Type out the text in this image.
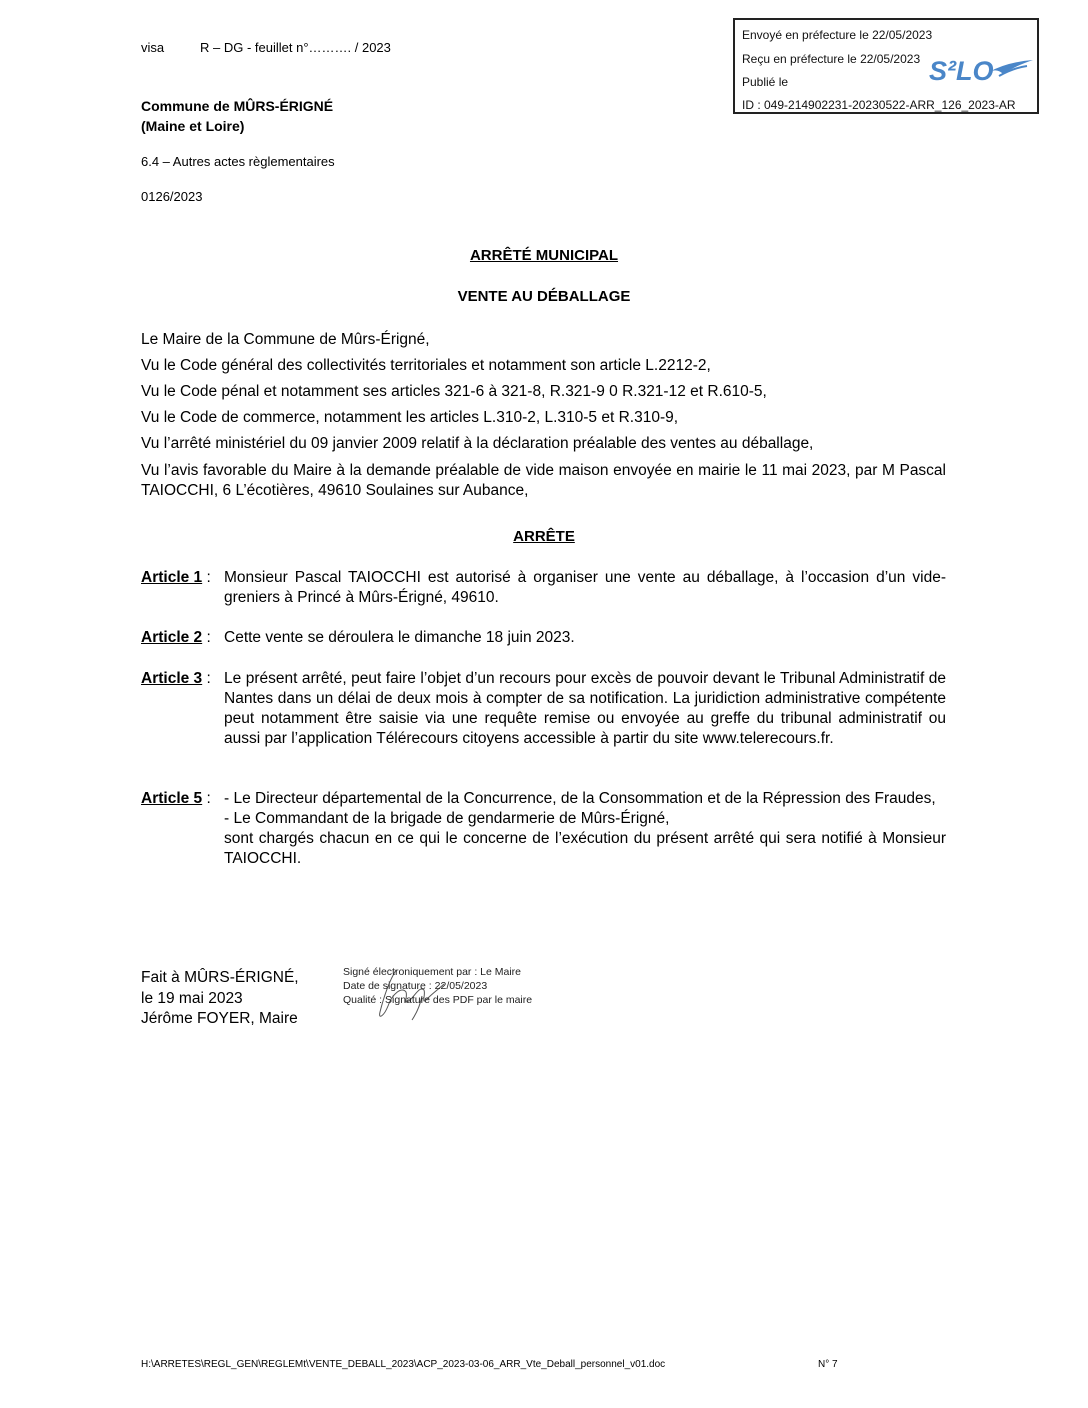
visa	R – DG - feuillet n°………. / 2023
Commune de MÛRS-ÉRIGNÉ
(Maine et Loire)
6.4 – Autres actes règlementaires
0126/2023
Envoyé en préfecture le 22/05/2023
Reçu en préfecture le 22/05/2023
Publié le
ID : 049-214902231-20230522-ARR_126_2023-AR
S²LO
ARRÊTÉ MUNICIPAL
VENTE AU DÉBALLAGE
Le Maire de la Commune de Mûrs-Érigné,
Vu le Code général des collectivités territoriales et notamment son article L.2212-2,
Vu le Code pénal et notamment ses articles 321-6 à 321-8, R.321-9 0 R.321-12 et R.610-5,
Vu le Code de commerce, notamment les articles L.310-2, L.310-5 et R.310-9,
Vu l’arrêté ministériel du 09 janvier 2009 relatif à la déclaration préalable des ventes au déballage,
Vu l’avis favorable du Maire à la demande préalable de vide maison envoyée en mairie le 11 mai 2023, par M Pascal TAIOCCHI, 6 L’écotières, 49610 Soulaines sur Aubance,
ARRÊTE
Article 1 : Monsieur Pascal TAIOCCHI est autorisé à organiser une vente au déballage, à l’occasion d’un vide-greniers à Princé à Mûrs-Érigné, 49610.

Article 2 : Cette vente se déroulera le dimanche 18 juin 2023.

Article 3 : Le présent arrêté, peut faire l’objet d’un recours pour excès de pouvoir devant le Tribunal Administratif de Nantes dans un délai de deux mois à compter de sa notification. La juridiction administrative compétente peut notamment être saisie via une requête remise ou envoyée au greffe du tribunal administratif ou aussi par l’application Télérecours citoyens accessible à partir du site www.telerecours.fr.

Article 5 : - Le Directeur départemental de la Concurrence, de la Consommation et de la Répression des Fraudes,

- Le Commandant de la brigade de gendarmerie de Mûrs-Érigné,

sont chargés chacun en ce qui le concerne de l’exécution du présent arrêté qui sera notifié à Monsieur TAIOCCHI.

Fait à MÛRS-ÉRIGNÉ,
le 19 mai 2023
Jérôme FOYER, Maire
Signé électroniquement par : Le Maire
Date de signature : 22/05/2023
Qualité : Signature des PDF par le maire
H:\ARRETES\REGL_GEN\REGLEMt\VENTE_DEBALL_2023\ACP_2023-03-06_ARR_Vte_Deball_personnel_v01.doc	N° 7
